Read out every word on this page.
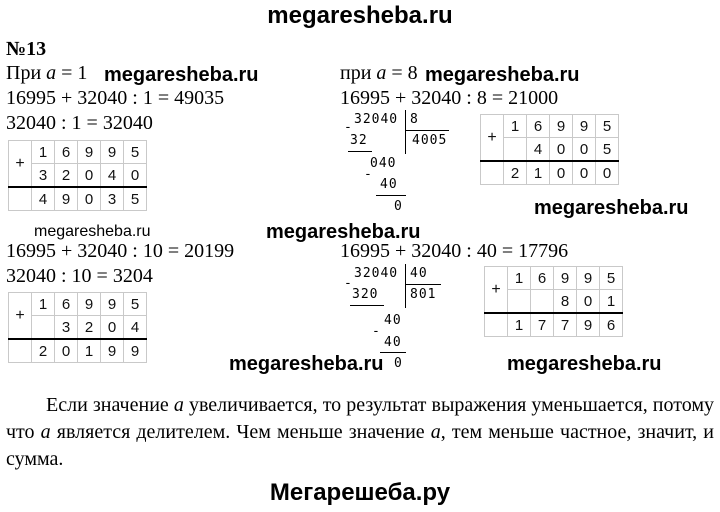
megaresheba.ru
megaresheba.ru	megaresheba.ru
megaresheba.ru
megaresheba.ru	megaresheba.ru
megaresheba.ru	megaresheba.ru
№13
При a = 1
16995 + 32040 : 1 = 49035
32040 : 1 = 32040
+	1	6	9	9	5
	3	2	0	4	0
	4	9	0	3	5
при a = 8
16995 + 32040 : 8 = 21000
32040 8
-
32	4005
040
-
40
0
+	1	6	9	9	5
		4	0	0	5
	2	1	0	0	0
16995 + 32040 : 10 = 20199
32040 : 10 = 3204
+	1	6	9	9	5
		3	2	0	4
	2	0	1	9	9
16995 + 32040 : 40 = 17796
32040 40
-
320 801
40
-
40
0
+	1	6	9	9	5
			8	0	1
	1	7	7	9	6
Если значение a увеличивается, то результат выражения уменьшается, потому что a является делителем. Чем меньше значение a, тем меньше частное, значит, и сумма.
Мегарешеба.ру
